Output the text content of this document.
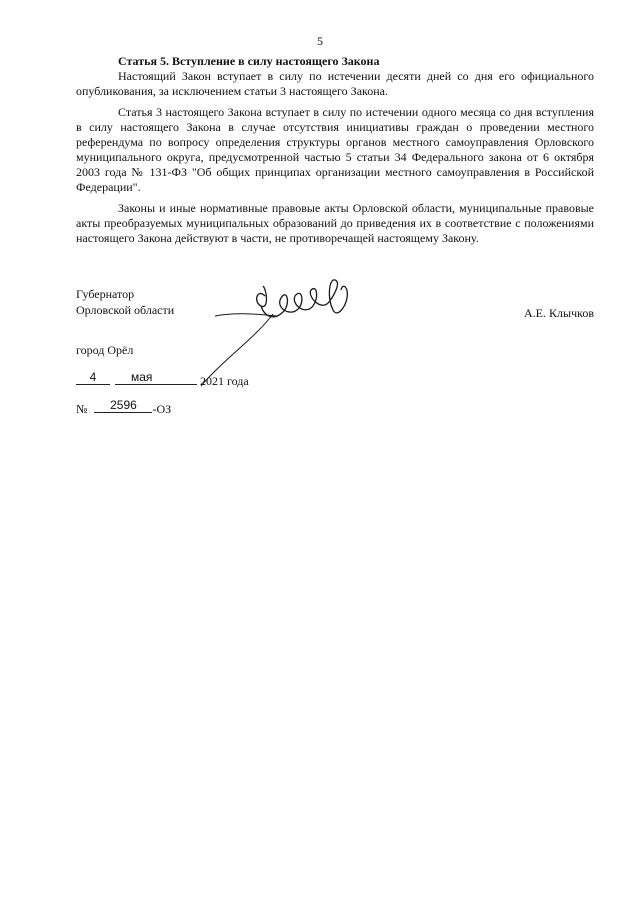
5

Статья 5. Вступление в силу настоящего Закона

Настоящий Закон вступает в силу по истечении десяти дней со дня его официального опубликования, за исключением статьи 3 настоящего Закона.

Статья 3 настоящего Закона вступает в силу по истечении одного месяца со дня вступления в силу настоящего Закона в случае отсутствия инициативы граждан о проведении местного референдума по вопросу определения структуры органов местного самоуправления Орловского муниципального округа, предусмотренной частью 5 статьи 34 Федерального закона от 6 октября 2003 года № 131-ФЗ "Об общих принципах организации местного самоуправления в Российской Федерации".

Законы и иные нормативные правовые акты Орловской области, муниципальные правовые акты преобразуемых муниципальных образований до приведения их в соответствие с положениями настоящего Закона действуют в части, не противоречащей настоящему Закону.

Губернатор
Орловской области	А.Е. Клычков
город Орёл
4
	мая	2021 года
№	2596	-ОЗ
